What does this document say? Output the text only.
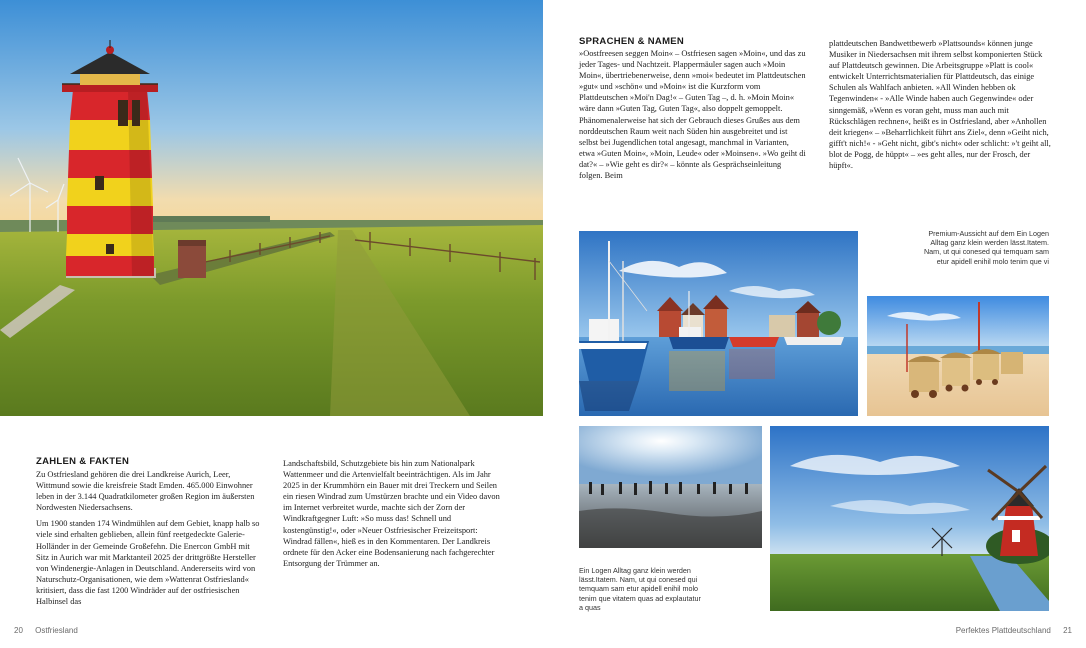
ZAHLEN & FAKTEN

Zu Ostfriesland gehören die drei Landkreise Aurich, Leer, Wittmund sowie die kreisfreie Stadt Emden. 465.000 Einwohner leben in der 3.144 Quadratkilometer großen Region im äußersten Nordwesten Niedersachsens.

Um 1900 standen 174 Windmühlen auf dem Gebiet, knapp halb so viele sind erhalten geblieben, allein fünf reetgedeckte Galerie-Holländer in der Gemeinde Großefehn. Die Enercon GmbH mit Sitz in Aurich war mit Marktanteil 2025 der drittgrößte Hersteller von Windenergie-Anlagen in Deutschland. Andererseits wird von Naturschutz-Organisationen, wie dem »Wattenrat Ostfriesland« kritisiert, dass die fast 1200 Windräder auf der ostfriesischen Halbinsel das

Landschaftsbild, Schutzgebiete bis hin zum Nationalpark Wattenmeer und die Artenvielfalt beeinträchtigen. Als im Jahr 2025 in der Krummhörn ein Bauer mit drei Treckern und Seilen ein riesen Windrad zum Umstürzen brachte und ein Video davon im Internet verbreitet wurde, machte sich der Zorn der Windkraftgegner Luft: »So muss das! Schnell und kostengünstig!«, oder »Neuer Ostfriesischer Freizeitsport: Windrad fällen«, hieß es in den Kommentaren. Der Landkreis ordnete für den Acker eine Bodensanierung nach fachgerechter Entsorgung der Trümmer an.

20 Ostfriesland
SPRACHEN & NAMEN

»Oostfreesen seggen Moin« – Ostfriesen sagen »Moin«, und das zu jeder Tages- und Nachtzeit. Plappermäuler sagen auch »Moin Moin«, übertriebenerweise, denn »moi« bedeutet im Plattdeutschen »gut« und »schön« und »Moin« ist die Kurzform vom Plattdeutschen »Moi'n Dag!« – Guten Tag –, d. h. »Moin Moin« wäre dann »Guten Tag, Guten Tag«, also doppelt gemoppelt. Phänomenalerweise hat sich der Gebrauch dieses Grußes aus dem norddeutschen Raum weit nach Süden hin ausgebreitet und ist selbst bei Jugendlichen total angesagt, manchmal in Varianten, etwa »Guten Moin«, »Moin, Leude« oder »Moinsen«. »Wo geiht di dat?« – »Wie geht es dir?« – könnte als Gesprächseinleitung folgen. Beim

plattdeutschen Bandwettbewerb »Plattsounds« können junge Musiker in Niedersachsen mit ihrem selbst komponierten Stück auf Plattdeutsch gewinnen. Die Arbeitsgruppe »Platt is cool« entwickelt Unterrichtsmaterialien für Plattdeutsch, das einige Schulen als Wahlfach anbieten. »All Winden hebben ok Tegenwinden« - »Alle Winde haben auch Gegenwinde« oder sinngemäß, »Wenn es voran geht, muss man auch mit Rückschlägen rechnen«, heißt es in Ostfriesland, aber »Anhollen deit kriegen« – »Beharrlichkeit führt ans Ziel«, denn »Geiht nich, gifft't nich!« - »Geht nicht, gibt's nicht« oder schlicht: »'t geiht all, blot de Pogg, de hüppt« – »es geht alles, nur der Frosch, der hüpft«.

Premium-Aussicht auf dem Ein Logen Alltag ganz klein werden lässt.Itatem. Nam, ut qui conesed qui temquam sam etur apidell enihil molo tenim que vi
Ein Logen Alltag ganz klein werden lässt.Itatem. Nam, ut qui conesed qui temquam sam etur apidell enihil molo tenim que vitatem quas ad explautatur a quas
Perfektes Plattdeutschland 21
